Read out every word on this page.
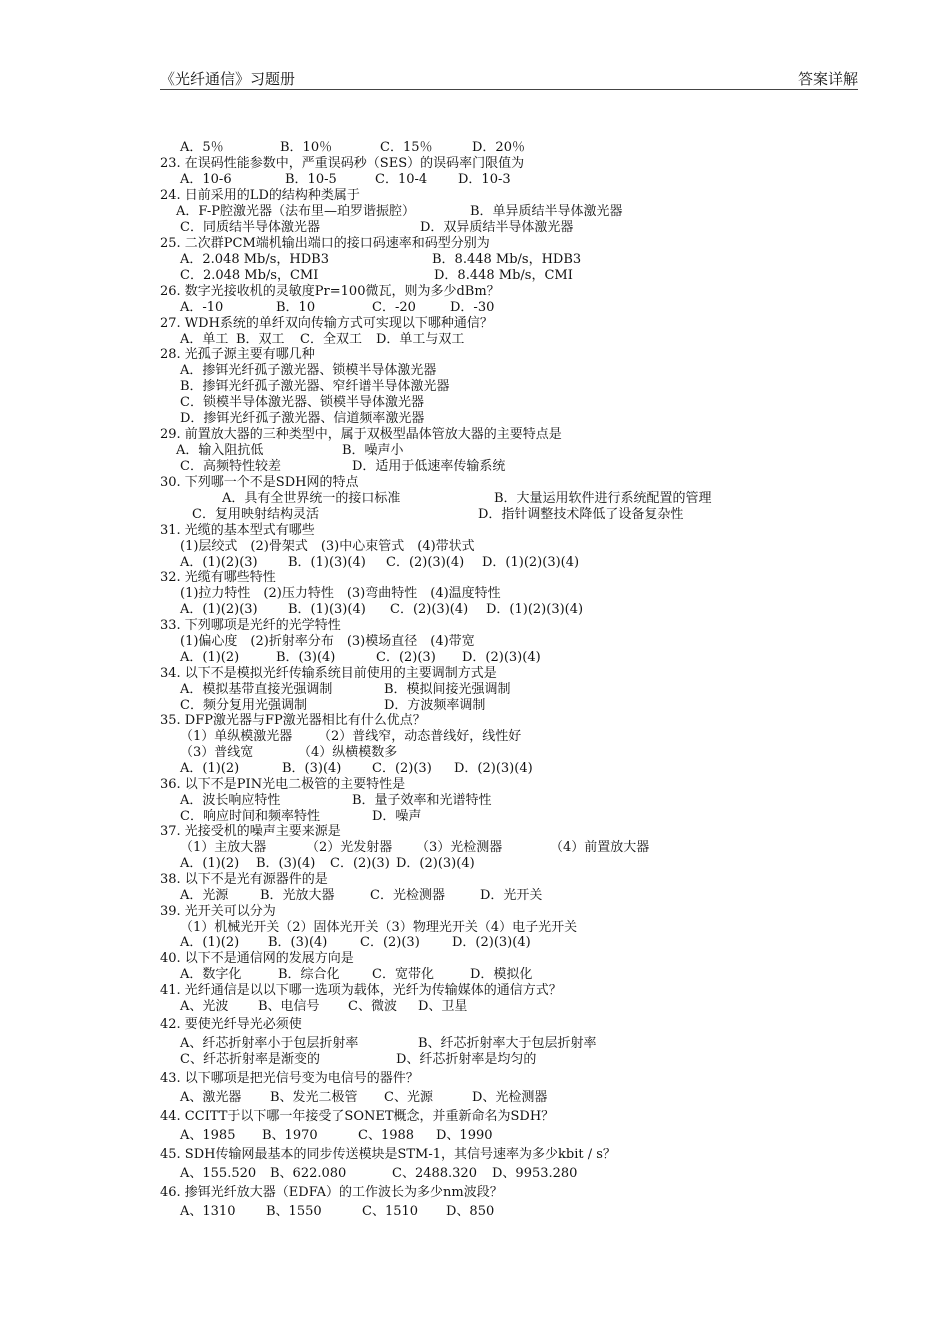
《光纤通信》习题册	答案详解
A．5％	B．10％	C．15％	D．20％
23. 在误码性能参数中，严重误码秒（SES）的误码率门限值为
A．10-6	B．10-5	C．10-4 D．10-3
24. 日前采用的LD的结构种类属于
A．F-P腔激光器（法布里—珀罗谐振腔）	B．单异质结半导体激光器
C．同质结半导体激光器	D．双异质结半导体激光器
25. 二次群PCM端机输出端口的接口码速率和码型分别为
A．2.048 Mb/s，HDB3	B．8.448 Mb/s，HDB3
C．2.048 Mb/s，CMI	D．8.448 Mb/s，CMI
26. 数字光接收机的灵敏度Pr=100微瓦，则为多少dBm？
A．-10	B．10	C．-20	D．-30
27. WDH系统的单纤双向传输方式可实现以下哪种通信？
A．单工 B．双工 C．全双工 D．单工与双工
28. 光孤子源主要有哪几种
A．掺铒光纤孤子激光器、锁模半导体激光器
B．掺铒光纤孤子激光器、窄纤谱半导体激光器
C．锁模半导体激光器、锁模半导体激光器
D．掺铒光纤孤子激光器、信道频率激光器
29. 前置放大器的三种类型中，属于双极型晶体管放大器的主要特点是
A．输入阻抗低	B．噪声小
C．高频特性较差	D．适用于低速率传输系统
30. 下列哪一个不是SDH网的特点
A．具有全世界统一的接口标准	B．大量运用软件进行系统配置的管理
C．复用映射结构灵活	D．指针调整技术降低了设备复杂性
31. 光缆的基本型式有哪些
(1)层绞式　(2)骨架式　(3)中心束管式　(4)带状式
A．(1)(2)(3) B．(1)(3)(4) C．(2)(3)(4) D．(1)(2)(3)(4)
32. 光缆有哪些特性
(1)拉力特性　(2)压力特性　(3)弯曲特性　(4)温度特性
A．(1)(2)(3) B．(1)(3)(4) C．(2)(3)(4) D．(1)(2)(3)(4)
33. 下列哪项是光纤的光学特性
(1)偏心度　(2)折射率分布　(3)模场直径　(4)带宽
A．(1)(2)	B．(3)(4)	C．(2)(3) D．(2)(3)(4)
34. 以下不是模拟光纤传输系统目前使用的主要调制方式是
A．模拟基带直接光强调制	B．模拟间接光强调制
C．频分复用光强调制	D．方波频率调制
35. DFP激光器与FP激光器相比有什么优点？
（1）单纵模激光器 （2）普线窄，动态普线好，线性好
（3）普线宽	（4）纵横模数多
A．(1)(2)	B．(3)(4) C．(2)(3) D．(2)(3)(4)
36. 以下不是PIN光电二极管的主要特性是
A．波长响应特性	B．量子效率和光谱特性
C．响应时间和频率特性	D．噪声
37. 光接受机的噪声主要来源是
（1）主放大器	（2）光发射器 （3）光检测器	（4）前置放大器
A．(1)(2) B．(3)(4) C．(2)(3) D．(2)(3)(4)
38. 以下不是光有源器件的是
A．光源 B．光放大器	C．光检测器	D．光开关
39. 光开关可以分为
（1）机械光开关（2）固体光开关（3）物理光开关（4）电子光开关
A．(1)(2) B．(3)(4)	C．(2)(3) D．(2)(3)(4)
40. 以下不是通信网的发展方向是
A．数字化	B．综合化 C．宽带化	D．模拟化
41. 光纤通信是以以下哪一选项为载体，光纤为传输媒体的通信方式？
A、光波 B、电信号 C、微波 D、卫星
42. 要使光纤导光必须使
A、纤芯折射率小于包层折射率	B、纤芯折射率大于包层折射率
C、纤芯折射率是渐变的	D、纤芯折射率是均匀的
43. 以下哪项是把光信号变为电信号的器件？
A、激光器 B、发光二极管 C、光源	D、光检测器
44. CCITT于以下哪一年接受了SONET概念，并重新命名为SDH？
A、1985 B、1970	C、1988 D、1990
45. SDH传输网最基本的同步传送模块是STM-1，其信号速率为多少kbit / s？
A、155.520 B、622.080	C、2488.320 D、9953.280
46. 掺铒光纤放大器（EDFA）的工作波长为多少nm波段？
A、1310 B、1550	C、1510 D、850
